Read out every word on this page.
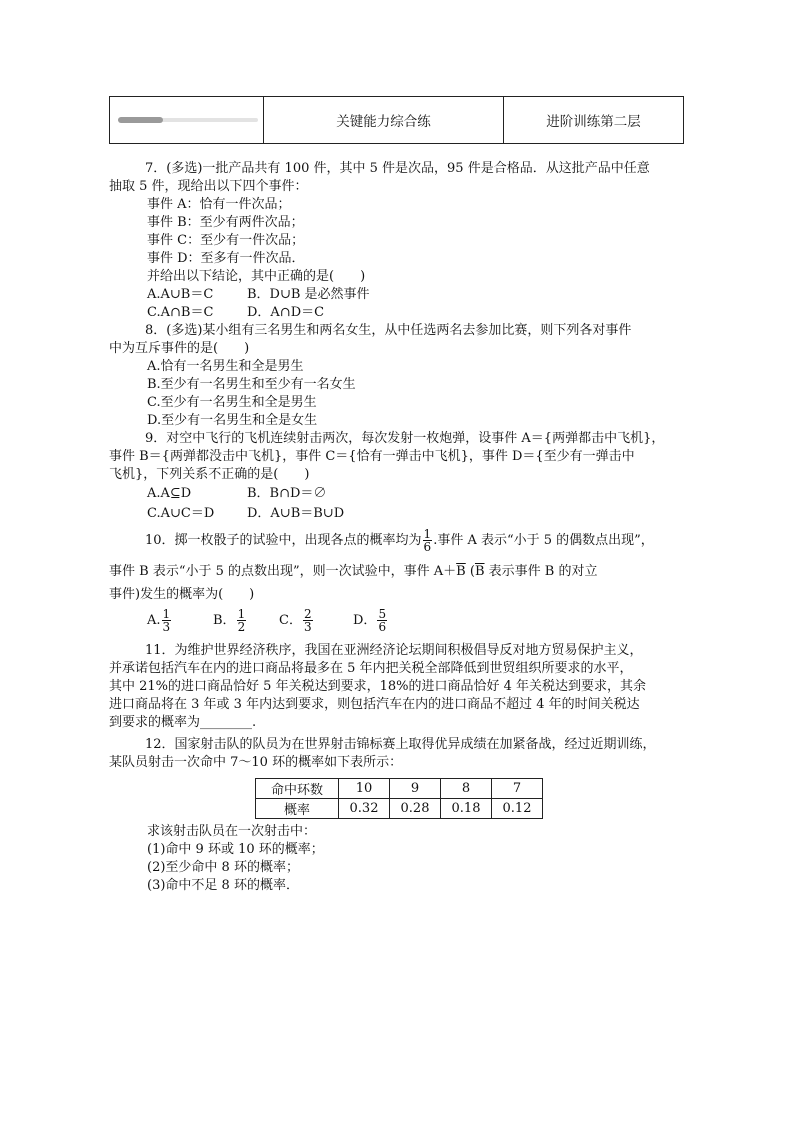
关键能力综合练	进阶训练第二层
7．(多选)一批产品共有 100 件，其中 5 件是次品，95 件是合格品．从这批产品中任意
抽取 5 件，现给出以下四个事件：
事件 A：恰有一件次品；
事件 B：至少有两件次品；
事件 C：至少有一件次品；
事件 D：至多有一件次品．
并给出以下结论，其中正确的是(　　)
A.A∪B＝C	B．D∪B 是必然事件
C.A∩B＝C	D．A∩D＝C
8．(多选)某小组有三名男生和两名女生，从中任选两名去参加比赛，则下列各对事件
中为互斥事件的是(　　)
A.恰有一名男生和全是男生
B.至少有一名男生和至少有一名女生
C.至少有一名男生和全是男生
D.至少有一名男生和全是女生
9．对空中飞行的飞机连续射击两次，每次发射一枚炮弹，设事件 A＝{两弹都击中飞机}，
事件 B＝{两弹都没击中飞机}，事件 C＝{恰有一弹击中飞机}，事件 D＝{至少有一弹击中
飞机}，下列关系不正确的是(　　)
A.A⊆D	B．B∩D＝∅
C.A∪C＝D	D．A∪B＝B∪D
10．掷一枚骰子的试验中，出现各点的概率均为 $\frac{1}{6}$ .事件 A 表示“小于 5 的偶数点出现”，
事件 B 表示“小于 5 的点数出现”，则一次试验中，事件 $A+\overline{B}$ ($\overline{B}$ 表示事件 B 的对立
事件)发生的概率为(　　)
A. $\frac{1}{3}$	B． $\frac{1}{2}$	C． $\frac{2}{3}$	D． $\frac{5}{6}$
11．为维护世界经济秩序，我国在亚洲经济论坛期间积极倡导反对地方贸易保护主义，
并承诺包括汽车在内的进口商品将最多在 5 年内把关税全部降低到世贸组织所要求的水平，
其中 21%的进口商品恰好 5 年关税达到要求，18%的进口商品恰好 4 年关税达到要求，其余
进口商品将在 3 年或 3 年内达到要求，则包括汽车在内的进口商品不超过 4 年的时间关税达
到要求的概率为________.
12．国家射击队的队员为在世界射击锦标赛上取得优异成绩在加紧备战，经过近期训练，
某队员射击一次命中 7～10 环的概率如下表所示：
命中环数	10	9	8	7
概率	0.32	0.28	0.18	0.12
求该射击队员在一次射击中：
(1)命中 9 环或 10 环的概率；
(2)至少命中 8 环的概率；
(3)命中不足 8 环的概率．
